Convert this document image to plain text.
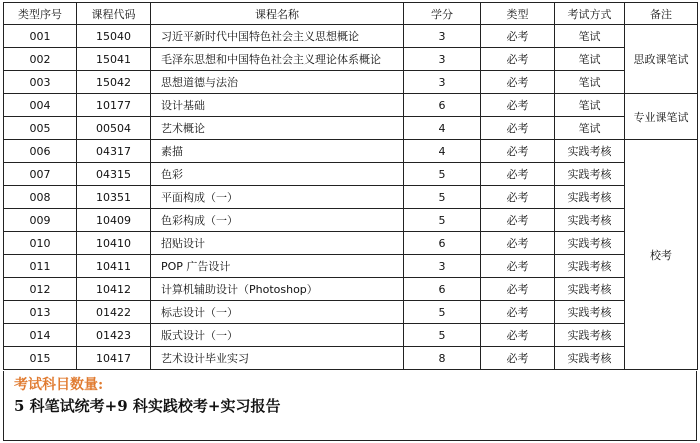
类型序号	课程代码	课程名称	学分	类型	考试方式	备注
001	15040	习近平新时代中国特色社会主义思想概论	3	必考	笔试	思政课笔试
002	15041	毛泽东思想和中国特色社会主义理论体系概论	3	必考	笔试	
003	15042	思想道德与法治	3	必考	笔试	
004	10177	设计基础	6	必考	笔试	专业课笔试
005	00504	艺术概论	4	必考	笔试	
006	04317	素描	4	必考	实践考核	校考
007	04315	色彩	5	必考	实践考核	
008	10351	平面构成（一）	5	必考	实践考核	
009	10409	色彩构成（一）	5	必考	实践考核	
010	10410	招贴设计	6	必考	实践考核	
011	10411	POP 广告设计	3	必考	实践考核	
012	10412	计算机辅助设计（Photoshop）	6	必考	实践考核	
013	01422	标志设计（一）	5	必考	实践考核	
014	01423	版式设计（一）	5	必考	实践考核	
015	10417	艺术设计毕业实习	8	必考	实践考核	
考试科目数量:
5 科笔试统考+9 科实践校考+实习报告
